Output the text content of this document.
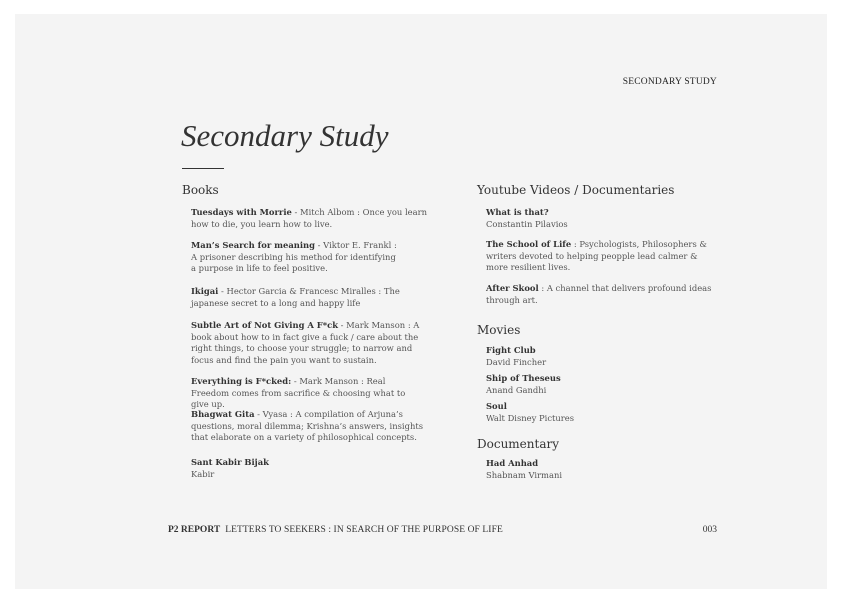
SECONDARY STUDY
Secondary Study
Books
Tuesdays with Morrie - Mitch Albom : Once you learn how to die, you learn how to live.
Man’s Search for meaning - Viktor E. Frankl : A prisoner describing his method for identifying a purpose in life to feel positive.
Ikigai - Hector Garcia & Francesc Miralles : The japanese secret to a long and happy life
Subtle Art of Not Giving A F*ck - Mark Manson : A book about how to in fact give a fuck / care about the right things, to choose your struggle; to narrow and focus and find the pain you want to sustain.
Everything is F*cked: - Mark Manson : Real Freedom comes from sacrifice & choosing what to give up.
Bhagwat Gita - Vyasa : A compilation of Arjuna’s questions, moral dilemma; Krishna’s answers, insights that elaborate on a variety of philosophical concepts.
Sant Kabir Bijak
Kabir
Youtube Videos / Documentaries
What is that?
Constantin Pilavios
The School of Life : Psychologists, Philosophers & writers devoted to helping peopple lead calmer & more resilient lives.
After Skool : A channel that delivers profound ideas through art.
Movies
Fight Club
David Fincher
Ship of Theseus
Anand Gandhi
Soul
Walt Disney Pictures
Documentary
Had Anhad
Shabnam Virmani
P2 REPORT LETTERS TO SEEKERS : IN SEARCH OF THE PURPOSE OF LIFE	003
